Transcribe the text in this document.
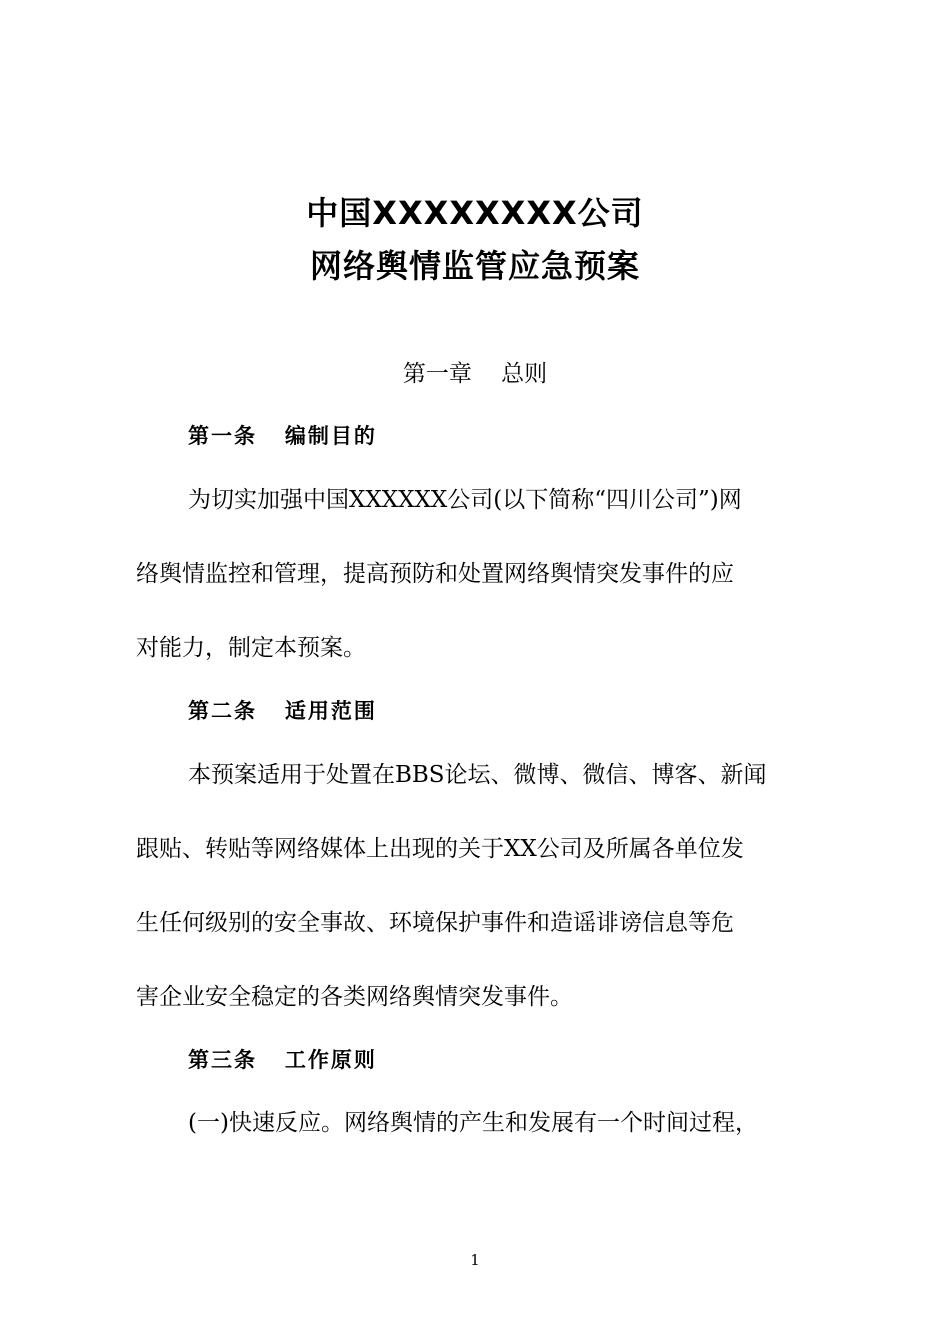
中国XXXXXXXX公司
网络舆情监管应急预案
第一章    总则
第一条   编制目的
为切实加强中国XXXXXX公司(以下简称“四川公司”)网
络舆情监控和管理，提高预防和处置网络舆情突发事件的应
对能力，制定本预案。
第二条   适用范围
本预案适用于处置在BBS论坛、微博、微信、博客、新闻
跟贴、转贴等网络媒体上出现的关于XX公司及所属各单位发
生任何级别的安全事故、环境保护事件和造谣诽谤信息等危
害企业安全稳定的各类网络舆情突发事件。
第三条   工作原则
(一)快速反应。网络舆情的产生和发展有一个时间过程，
1
